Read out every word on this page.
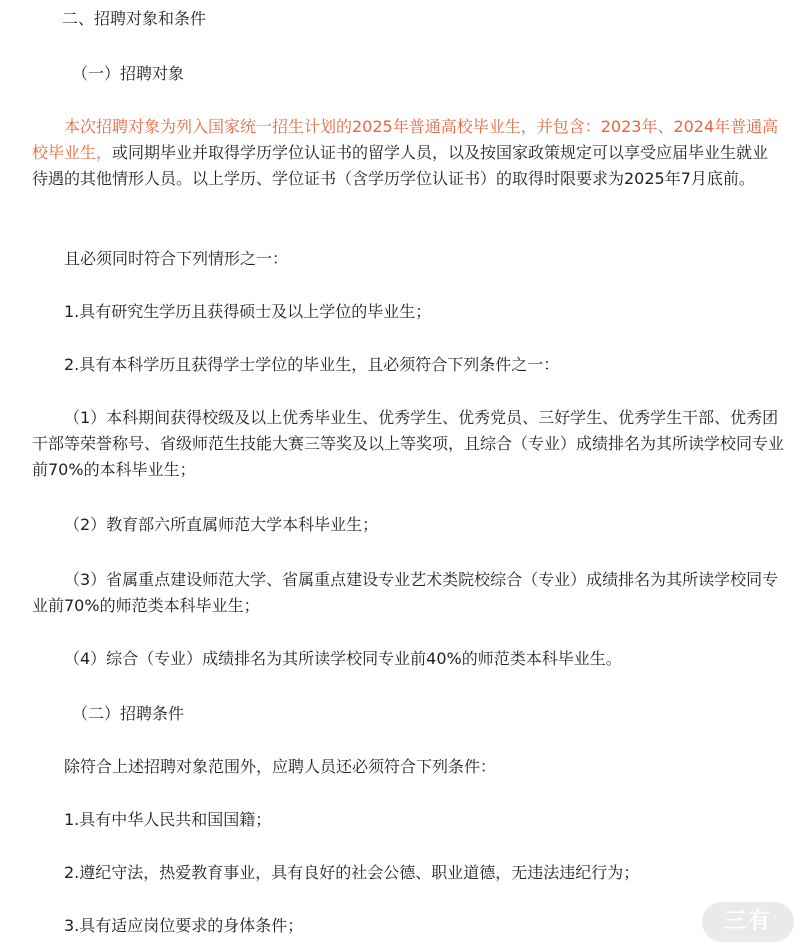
二、招聘对象和条件

（一）招聘对象

本次招聘对象为列入国家统一招生计划的2025年普通高校毕业生，并包含：2023年、2024年普通高校毕业生，或同期毕业并取得学历学位认证书的留学人员，以及按国家政策规定可以享受应届毕业生就业待遇的其他情形人员。以上学历、学位证书（含学历学位认证书）的取得时限要求为2025年7月底前。

且必须同时符合下列情形之一：

1.具有研究生学历且获得硕士及以上学位的毕业生；

2.具有本科学历且获得学士学位的毕业生，且必须符合下列条件之一：

（1）本科期间获得校级及以上优秀毕业生、优秀学生、优秀党员、三好学生、优秀学生干部、优秀团干部等荣誉称号、省级师范生技能大赛三等奖及以上等奖项，且综合（专业）成绩排名为其所读学校同专业前70%的本科毕业生；

（2）教育部六所直属师范大学本科毕业生；

（3）省属重点建设师范大学、省属重点建设专业艺术类院校综合（专业）成绩排名为其所读学校同专业前70%的师范类本科毕业生；

（4）综合（专业）成绩排名为其所读学校同专业前40%的师范类本科毕业生。

（二）招聘条件

除符合上述招聘对象范围外，应聘人员还必须符合下列条件：

1.具有中华人民共和国国籍；

2.遵纪守法，热爱教育事业，具有良好的社会公德、职业道德，无违法违纪行为；

3.具有适应岗位要求的身体条件；	三有
